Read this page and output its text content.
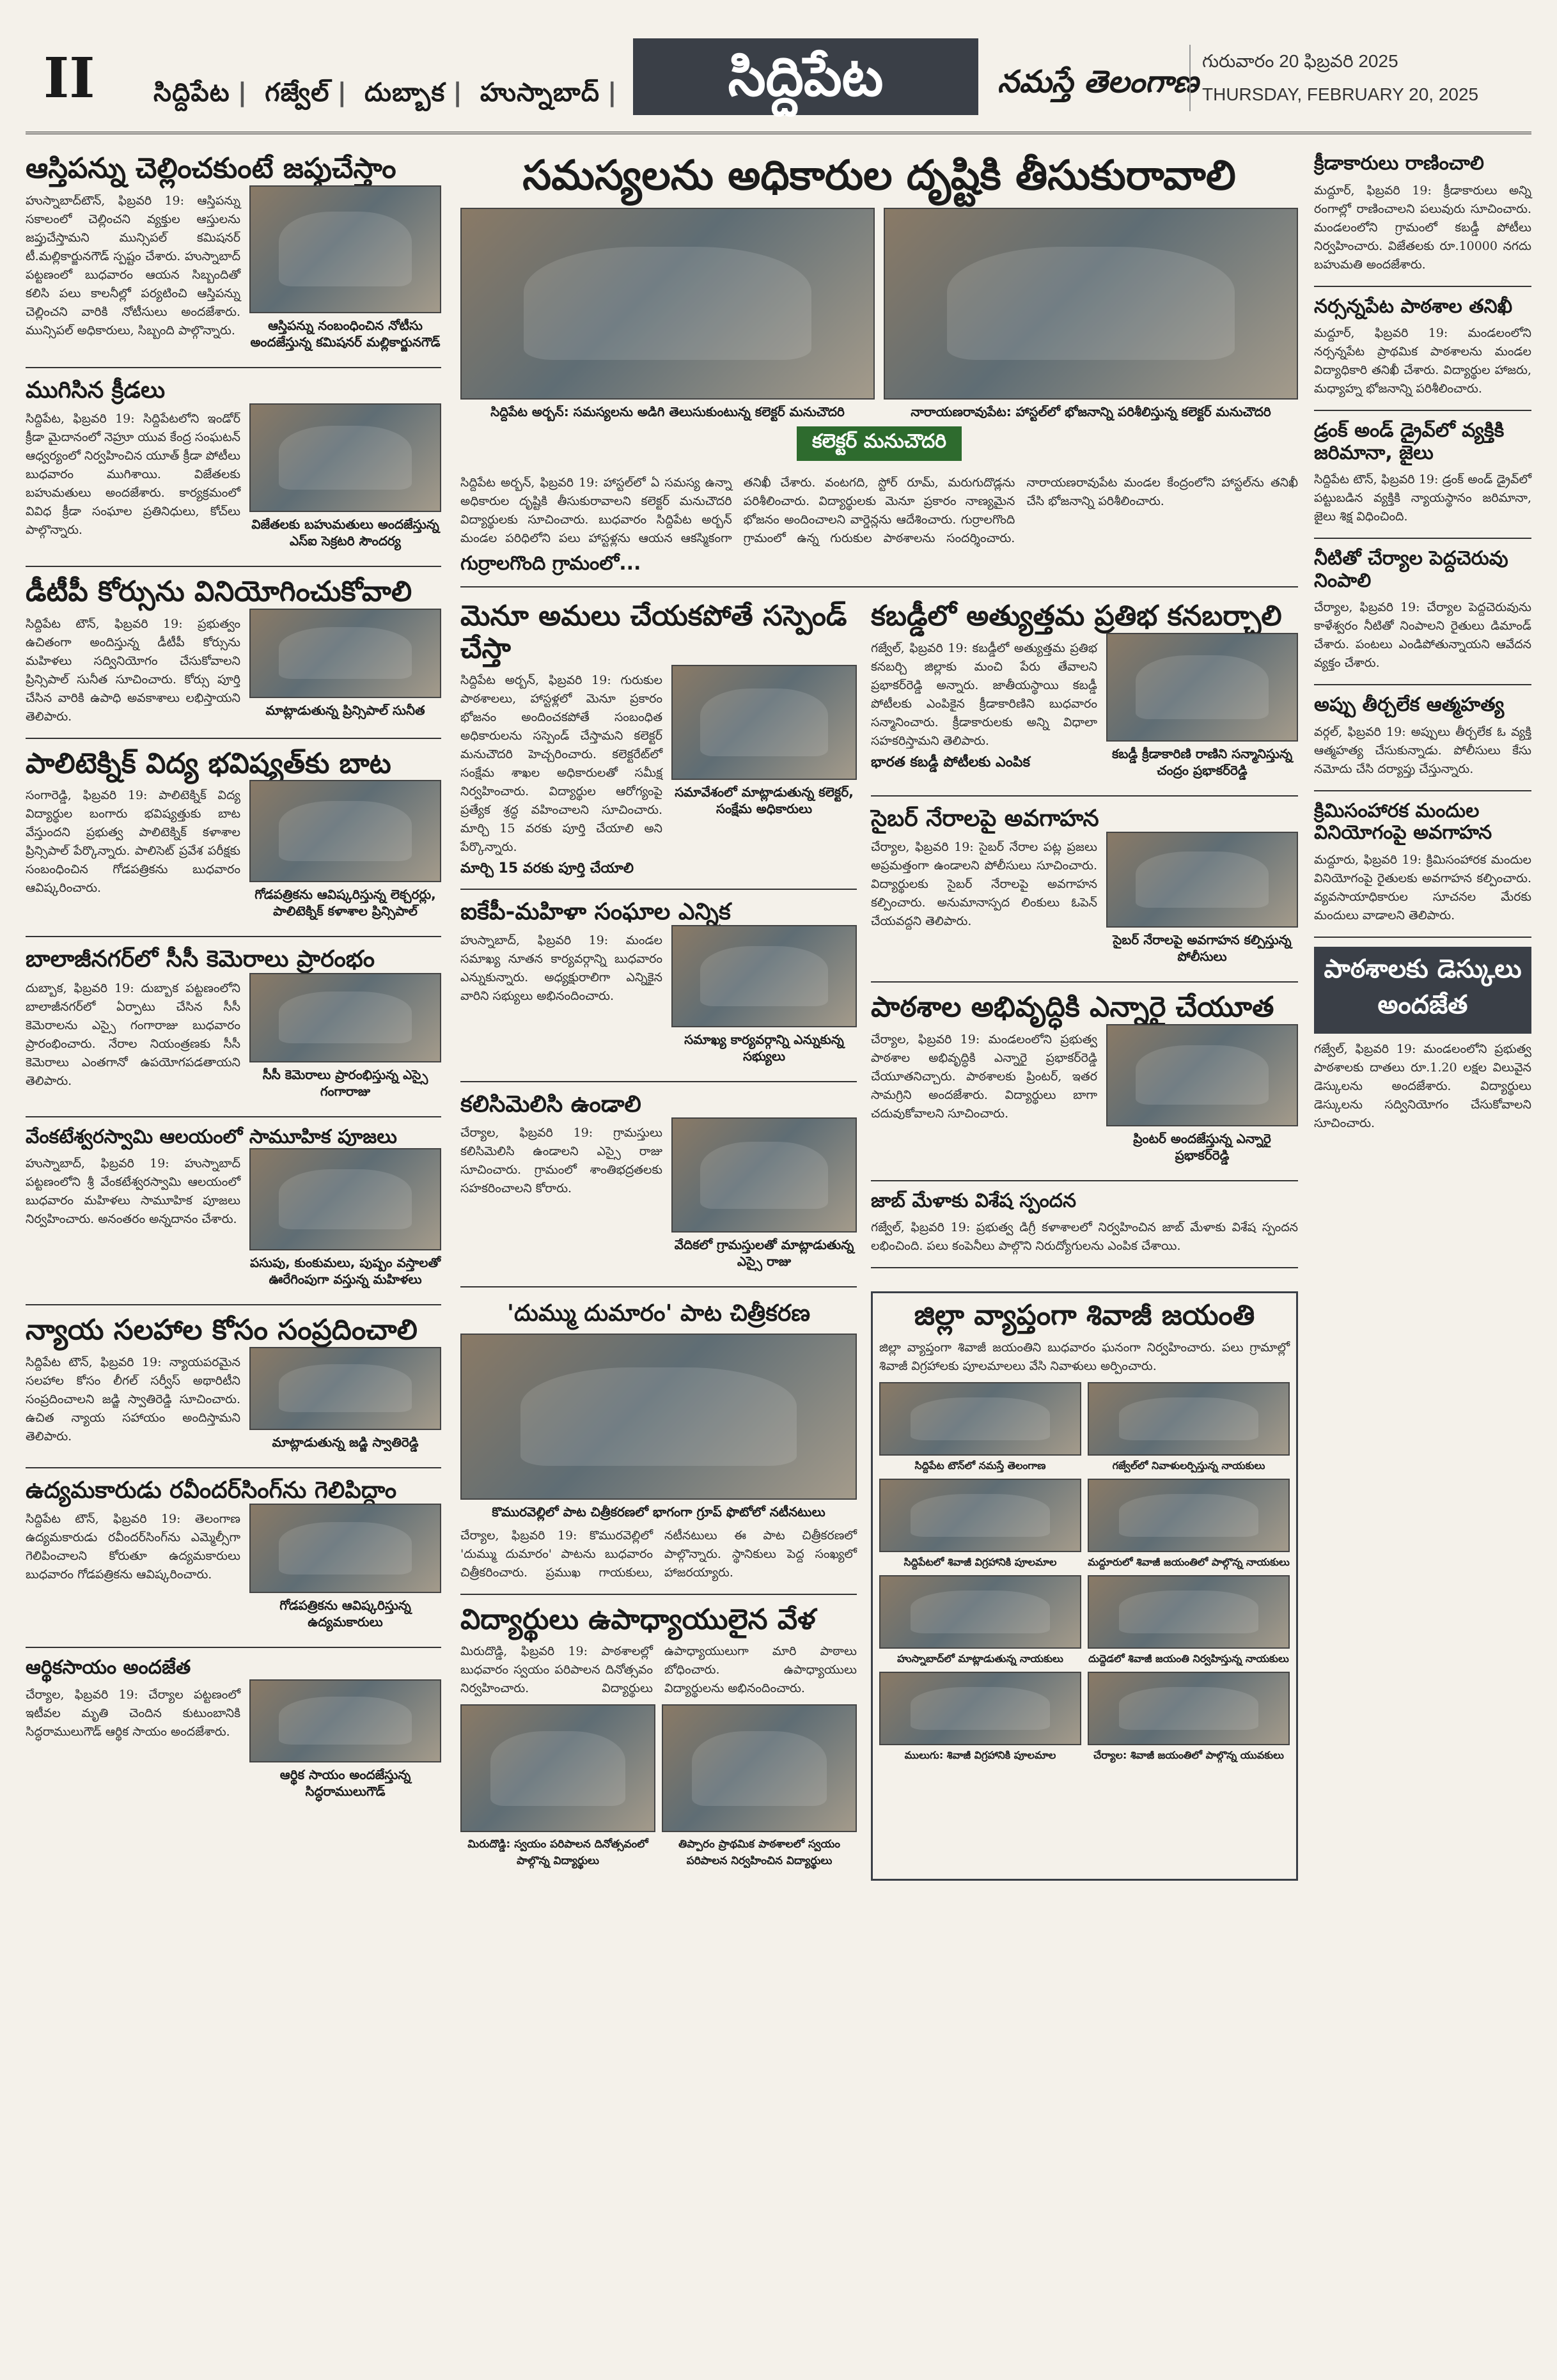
II సిద్దిపేట | గజ్వేల్ | దుబ్బాక | హుస్నాబాద్ |	సిద్దిపేట	నమస్తే తెలంగాణ
గురువారం 20 ఫిబ్రవరి 2025
THURSDAY, FEBRUARY 20, 2025
ఆస్తిపన్ను చెల్లించకుంటే జప్తుచేస్తాం
ఆస్తిపన్ను నంబంధించిన నోటీసు అందజేస్తున్న కమిషనర్ మల్లికార్జునగౌడ్
హుస్నాబాద్‌టౌన్, ఫిబ్రవరి 19: ఆస్తిపన్ను సకాలంలో చెల్లించని వ్యక్తుల ఆస్తులను జప్తుచేస్తామని మున్సిపల్ కమిషనర్ టీ.మల్లికార్జునగౌడ్ స్పష్టం చేశారు. హుస్నాబాద్ పట్టణంలో బుధవారం ఆయన సిబ్బందితో కలిసి పలు కాలనీల్లో పర్యటించి ఆస్తిపన్ను చెల్లించని వారికి నోటీసులు అందజేశారు. మున్సిపల్ అధికారులు, సిబ్బంది పాల్గొన్నారు.
ముగిసిన క్రీడలు
విజేతలకు బహుమతులు అందజేస్తున్న ఎస్‌ఐ సెక్రటరి సౌందర్య
సిద్దిపేట, ఫిబ్రవరి 19: సిద్దిపేటలోని ఇండోర్ క్రీడా మైదానంలో నెహ్రూ యువ కేంద్ర సంఘటన్ ఆధ్వర్యంలో నిర్వహించిన యూత్ క్రీడా పోటీలు బుధవారం ముగిశాయి. విజేతలకు బహుమతులు అందజేశారు. కార్యక్రమంలో వివిధ క్రీడా సంఘాల ప్రతినిధులు, కోచ్‌లు పాల్గొన్నారు.
డీటీపీ కోర్సును వినియోగించుకోవాలి
మాట్లాడుతున్న ప్రిన్సిపాల్ సునీత
సిద్దిపేట టౌన్, ఫిబ్రవరి 19: ప్రభుత్వం ఉచితంగా అందిస్తున్న డీటీపీ కోర్సును మహిళలు సద్వినియోగం చేసుకోవాలని ప్రిన్సిపాల్ సునీత సూచించారు. కోర్సు పూర్తి చేసిన వారికి ఉపాధి అవకాశాలు లభిస్తాయని తెలిపారు.
పాలిటెక్నిక్ విద్య భవిష్యత్‌కు బాట
గోడపత్రికను ఆవిష్కరిస్తున్న లెక్చరర్లు, పాలిటెక్నిక్ కళాశాల ప్రిన్సిపాల్
సంగారెడ్డి, ఫిబ్రవరి 19: పాలిటెక్నిక్ విద్య విద్యార్థుల బంగారు భవిష్యత్తుకు బాట వేస్తుందని ప్రభుత్వ పాలిటెక్నిక్ కళాశాల ప్రిన్సిపాల్ పేర్కొన్నారు. పాలిసెట్ ప్రవేశ పరీక్షకు సంబంధించిన గోడపత్రికను బుధవారం ఆవిష్కరించారు.
బాలాజీనగర్‌లో సీసీ కెమెరాలు ప్రారంభం
సీసీ కెమెరాలు ప్రారంభిస్తున్న ఎస్సై గంగారాజు
దుబ్బాక, ఫిబ్రవరి 19: దుబ్బాక పట్టణంలోని బాలాజీనగర్‌లో ఏర్పాటు చేసిన సీసీ కెమెరాలను ఎస్సై గంగారాజు బుధవారం ప్రారంభించారు. నేరాల నియంత్రణకు సీసీ కెమెరాలు ఎంతగానో ఉపయోగపడతాయని తెలిపారు.
వేంకటేశ్వరస్వామి ఆలయంలో సామూహిక పూజలు
పసుపు, కుంకుమలు, పుష్పం వస్తాలతో ఊరేగింపుగా వస్తున్న మహిళలు
హుస్నాబాద్, ఫిబ్రవరి 19: హుస్నాబాద్ పట్టణంలోని శ్రీ వేంకటేశ్వరస్వామి ఆలయంలో బుధవారం మహిళలు సామూహిక పూజలు నిర్వహించారు. అనంతరం అన్నదానం చేశారు.
న్యాయ సలహాల కోసం సంప్రదించాలి
మాట్లాడుతున్న జడ్జి స్వాతిరెడ్డి
సిద్దిపేట టౌన్, ఫిబ్రవరి 19: న్యాయపరమైన సలహాల కోసం లీగల్ సర్వీస్ అథారిటీని సంప్రదించాలని జడ్జి స్వాతిరెడ్డి సూచించారు. ఉచిత న్యాయ సహాయం అందిస్తామని తెలిపారు.
ఉద్యమకారుడు రవీందర్‌సింగ్‌ను గెలిపిద్దాం
గోడపత్రికను ఆవిష్కరిస్తున్న ఉద్యమకారులు
సిద్దిపేట టౌన్, ఫిబ్రవరి 19: తెలంగాణ ఉద్యమకారుడు రవీందర్‌సింగ్‌ను ఎమ్మెల్సీగా గెలిపించాలని కోరుతూ ఉద్యమకారులు బుధవారం గోడపత్రికను ఆవిష్కరించారు.
ఆర్థికసాయం అందజేత
ఆర్థిక సాయం అందజేస్తున్న సిద్ధరాములుగౌడ్
చేర్యాల, ఫిబ్రవరి 19: చేర్యాల పట్టణంలో ఇటీవల మృతి చెందిన కుటుంబానికి సిద్ధరాములుగౌడ్ ఆర్థిక సాయం అందజేశారు.
సమస్యలను అధికారుల దృష్టికి తీసుకురావాలి
సిద్దిపేట అర్బన్: సమస్యలను అడిగి తెలుసుకుంటున్న కలెక్టర్ మనుచౌదరి	నారాయణరావుపేట: హాస్టల్‌లో భోజనాన్ని పరిశీలిస్తున్న కలెక్టర్ మనుచౌదరి
కలెక్టర్ మనుచౌదరి
సిద్దిపేట అర్బన్, ఫిబ్రవరి 19: హాస్టల్‌లో ఏ సమస్య ఉన్నా అధికారుల దృష్టికి తీసుకురావాలని కలెక్టర్ మనుచౌదరి విద్యార్థులకు సూచించారు. బుధవారం సిద్దిపేట అర్బన్ మండల పరిధిలోని పలు హాస్టళ్లను ఆయన ఆకస్మికంగా తనిఖీ చేశారు. వంటగది, స్టోర్ రూమ్, మరుగుదొడ్లను పరిశీలించారు. విద్యార్థులకు మెనూ ప్రకారం నాణ్యమైన భోజనం అందించాలని వార్డెన్లను ఆదేశించారు. గుర్రాలగొంది గ్రామంలో ఉన్న గురుకుల పాఠశాలను సందర్శించారు. నారాయణరావుపేట మండల కేంద్రంలోని హాస్టల్‌ను తనిఖీ చేసి భోజనాన్ని పరిశీలించారు.
గుర్రాలగొంది గ్రామంలో...
మెనూ అమలు చేయకపోతే సస్పెండ్ చేస్తా
సమావేశంలో మాట్లాడుతున్న కలెక్టర్, సంక్షేమ అధికారులు
సిద్దిపేట అర్బన్, ఫిబ్రవరి 19: గురుకుల పాఠశాలలు, హాస్టళ్లలో మెనూ ప్రకారం భోజనం అందించకపోతే సంబంధిత అధికారులను సస్పెండ్ చేస్తామని కలెక్టర్ మనుచౌదరి హెచ్చరించారు. కలెక్టరేట్‌లో సంక్షేమ శాఖల అధికారులతో సమీక్ష నిర్వహించారు. విద్యార్థుల ఆరోగ్యంపై ప్రత్యేక శ్రద్ధ వహించాలని సూచించారు. మార్చి 15 వరకు పూర్తి చేయాలి అని పేర్కొన్నారు.
మార్చి 15 వరకు పూర్తి చేయాలి
ఐకేపీ-మహిళా సంఘాల ఎన్నిక
సమాఖ్య కార్యవర్గాన్ని ఎన్నుకున్న సభ్యులు
హుస్నాబాద్, ఫిబ్రవరి 19: మండల సమాఖ్య నూతన కార్యవర్గాన్ని బుధవారం ఎన్నుకున్నారు. అధ్యక్షురాలిగా ఎన్నికైన వారిని సభ్యులు అభినందించారు.
కలిసిమెలిసి ఉండాలి
వేదికలో గ్రామస్తులతో మాట్లాడుతున్న ఎస్సై రాజు
చేర్యాల, ఫిబ్రవరి 19: గ్రామస్తులు కలిసిమెలిసి ఉండాలని ఎస్సై రాజు సూచించారు. గ్రామంలో శాంతిభద్రతలకు సహకరించాలని కోరారు.
కబడ్డీలో అత్యుత్తమ ప్రతిభ కనబర్చాలి
కబడ్డీ క్రీడాకారిణి రాణిని సన్మానిస్తున్న చంద్రం ప్రభాకర్‌రెడ్డి
గజ్వేల్, ఫిబ్రవరి 19: కబడ్డీలో అత్యుత్తమ ప్రతిభ కనబర్చి జిల్లాకు మంచి పేరు తేవాలని ప్రభాకర్‌రెడ్డి అన్నారు. జాతీయస్థాయి కబడ్డీ పోటీలకు ఎంపికైన క్రీడాకారిణిని బుధవారం సన్మానించారు. క్రీడాకారులకు అన్ని విధాలా సహకరిస్తామని తెలిపారు.
భారత కబడ్డీ పోటీలకు ఎంపిక
సైబర్ నేరాలపై అవగాహన
సైబర్ నేరాలపై అవగాహన కల్పిస్తున్న పోలీసులు
చేర్యాల, ఫిబ్రవరి 19: సైబర్ నేరాల పట్ల ప్రజలు అప్రమత్తంగా ఉండాలని పోలీసులు సూచించారు. విద్యార్థులకు సైబర్ నేరాలపై అవగాహన కల్పించారు. అనుమానాస్పద లింకులు ఓపెన్ చేయవద్దని తెలిపారు.
పాఠశాల అభివృద్ధికి ఎన్నారై చేయూత
ప్రింటర్ అందజేస్తున్న ఎన్నారై ప్రభాకర్‌రెడ్డి
చేర్యాల, ఫిబ్రవరి 19: మండలంలోని ప్రభుత్వ పాఠశాల అభివృద్ధికి ఎన్నారై ప్రభాకర్‌రెడ్డి చేయూతనిచ్చారు. పాఠశాలకు ప్రింటర్, ఇతర సామగ్రిని అందజేశారు. విద్యార్థులు బాగా చదువుకోవాలని సూచించారు.
జాబ్ మేళాకు విశేష స్పందన
గజ్వేల్, ఫిబ్రవరి 19: ప్రభుత్వ డిగ్రీ కళాశాలలో నిర్వహించిన జాబ్ మేళాకు విశేష స్పందన లభించింది. పలు కంపెనీలు పాల్గొని నిరుద్యోగులను ఎంపిక చేశాయి.
'దుమ్ము దుమారం' పాట చిత్రీకరణ
కొమురవెల్లిలో పాట చిత్రీకరణలో భాగంగా గ్రూప్ ఫొటోలో నటీనటులు
చేర్యాల, ఫిబ్రవరి 19: కొమురవెల్లిలో 'దుమ్ము దుమారం' పాటను బుధవారం చిత్రీకరించారు. ప్రముఖ గాయకులు, నటీనటులు ఈ పాట చిత్రీకరణలో పాల్గొన్నారు. స్థానికులు పెద్ద సంఖ్యలో హాజరయ్యారు.
విద్యార్థులు ఉపాధ్యాయులైన వేళ
మిరుదొడ్డి, ఫిబ్రవరి 19: పాఠశాలల్లో బుధవారం స్వయం పరిపాలన దినోత్సవం నిర్వహించారు. విద్యార్థులు ఉపాధ్యాయులుగా మారి పాఠాలు బోధించారు. ఉపాధ్యాయులు విద్యార్థులను అభినందించారు.
మిరుదొడ్డి: స్వయం పరిపాలన దినోత్సవంలో పాల్గొన్న విద్యార్థులు
తిప్పారం ప్రాథమిక పాఠశాలలో స్వయం పరిపాలన నిర్వహించిన విద్యార్థులు
జిల్లా వ్యాప్తంగా శివాజీ జయంతి
జిల్లా వ్యాప్తంగా శివాజీ జయంతిని బుధవారం ఘనంగా నిర్వహించారు. పలు గ్రామాల్లో శివాజీ విగ్రహాలకు పూలమాలలు వేసి నివాళులు అర్పించారు.
సిద్దిపేట టౌన్‌లో నమస్తే తెలంగాణ	గజ్వేల్‌లో నివాళులర్పిస్తున్న నాయకులు
సిద్దిపేటలో శివాజీ విగ్రహానికి పూలమాల	మద్దూరులో శివాజీ జయంతిలో పాల్గొన్న నాయకులు
హుస్నాబాద్‌లో మాట్లాడుతున్న నాయకులు	దుద్దెడలో శివాజీ జయంతి నిర్వహిస్తున్న నాయకులు
ములుగు: శివాజీ విగ్రహానికి పూలమాల	చేర్యాల: శివాజీ జయంతిలో పాల్గొన్న యువకులు
క్రీడాకారులు రాణించాలి
మద్దూర్, ఫిబ్రవరి 19: క్రీడాకారులు అన్ని రంగాల్లో రాణించాలని పలువురు సూచించారు. మండలంలోని గ్రామంలో కబడ్డీ పోటీలు నిర్వహించారు. విజేతలకు రూ.10000 నగదు బహుమతి అందజేశారు.
నర్సన్నపేట పాఠశాల తనిఖీ
మద్దూర్, ఫిబ్రవరి 19: మండలంలోని నర్సన్నపేట ప్రాథమిక పాఠశాలను మండల విద్యాధికారి తనిఖీ చేశారు. విద్యార్థుల హాజరు, మధ్యాహ్న భోజనాన్ని పరిశీలించారు.
డ్రంక్ అండ్ డ్రైవ్‌లో వ్యక్తికి జరిమానా, జైలు
సిద్దిపేట టౌన్, ఫిబ్రవరి 19: డ్రంక్ అండ్ డ్రైవ్‌లో పట్టుబడిన వ్యక్తికి న్యాయస్థానం జరిమానా, జైలు శిక్ష విధించింది.
నీటితో చేర్యాల పెద్దచెరువు నింపాలి
చేర్యాల, ఫిబ్రవరి 19: చేర్యాల పెద్దచెరువును కాళేశ్వరం నీటితో నింపాలని రైతులు డిమాండ్ చేశారు. పంటలు ఎండిపోతున్నాయని ఆవేదన వ్యక్తం చేశారు.
అప్పు తీర్చలేక ఆత్మహత్య
వర్గల్, ఫిబ్రవరి 19: అప్పులు తీర్చలేక ఓ వ్యక్తి ఆత్మహత్య చేసుకున్నాడు. పోలీసులు కేసు నమోదు చేసి దర్యాప్తు చేస్తున్నారు.
క్రిమిసంహారక మందుల వినియోగంపై అవగాహన
మద్దూరు, ఫిబ్రవరి 19: క్రిమిసంహారక మందుల వినియోగంపై రైతులకు అవగాహన కల్పించారు. వ్యవసాయాధికారుల సూచనల మేరకు మందులు వాడాలని తెలిపారు.
పాఠశాలకు డెస్కులు అందజేత
గజ్వేల్, ఫిబ్రవరి 19: మండలంలోని ప్రభుత్వ పాఠశాలకు దాతలు రూ.1.20 లక్షల విలువైన డెస్కులను అందజేశారు. విద్యార్థులు డెస్కులను సద్వినియోగం చేసుకోవాలని సూచించారు.
